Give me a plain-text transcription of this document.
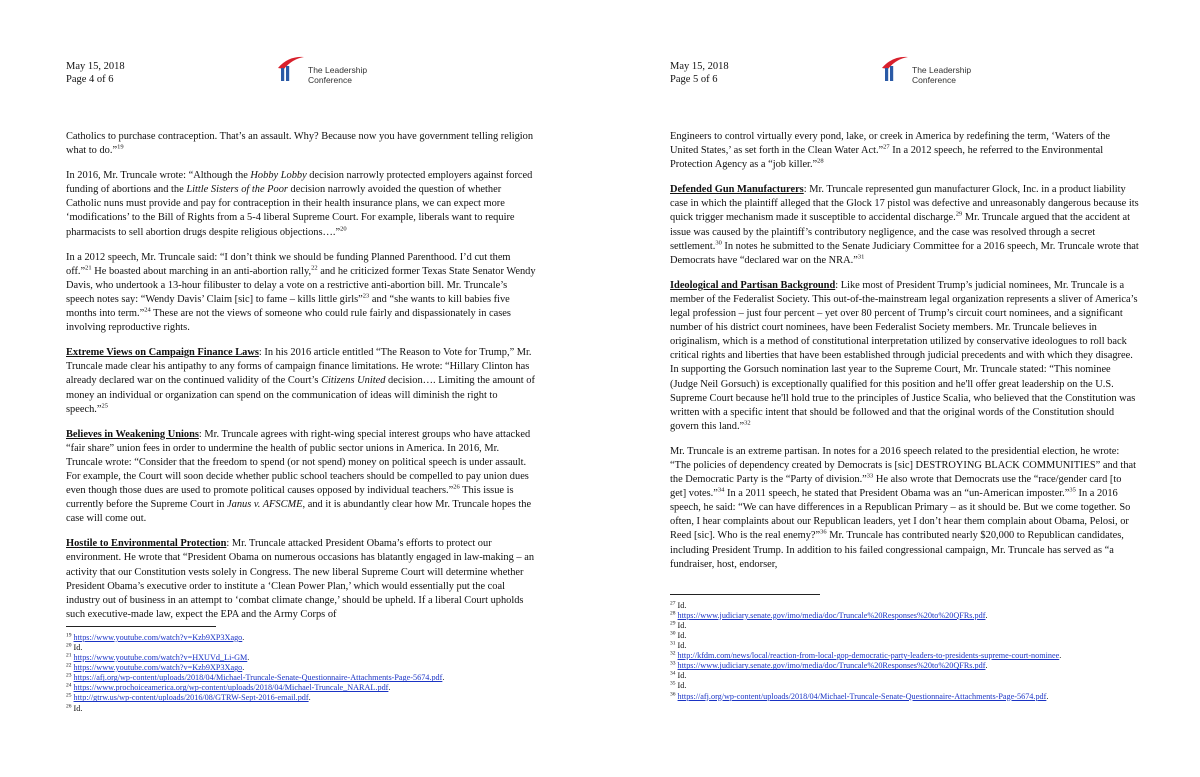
May 15, 2018
Page 4 of 6
The Leadership
Conference

Catholics to purchase contraception. That’s an assault. Why? Because now you have government telling religion what to do.”$^{19}$

In 2016, Mr. Truncale wrote: “Although the Hobby Lobby decision narrowly protected employers against forced funding of abortions and the Little Sisters of the Poor decision narrowly avoided the question of whether Catholic nuns must provide and pay for contraception in their health insurance plans, we can expect more ‘modifications’ to the Bill of Rights from a 5-4 liberal Supreme Court. For example, liberals want to require pharmacists to sell abortion drugs despite religious objections….”$^{20}$

In a 2012 speech, Mr. Truncale said: “I don’t think we should be funding Planned Parenthood. I’d cut them off.”$^{21}$ He boasted about marching in an anti-abortion rally,$^{22}$ and he criticized former Texas State Senator Wendy Davis, who undertook a 13-hour filibuster to delay a vote on a restrictive anti-abortion bill. Mr. Truncale’s speech notes say: “Wendy Davis’ Claim [sic] to fame – kills little girls”$^{23}$ and “she wants to kill babies five months into term.”$^{24}$ These are not the views of someone who could rule fairly and dispassionately in cases involving reproductive rights.

Extreme Views on Campaign Finance Laws: In his 2016 article entitled “The Reason to Vote for Trump,” Mr. Truncale made clear his antipathy to any forms of campaign finance limitations. He wrote: “Hillary Clinton has already declared war on the continued validity of the Court’s Citizens United decision…. Limiting the amount of money an individual or organization can spend on the communication of ideas will diminish the right to speech.”$^{25}$

Believes in Weakening Unions: Mr. Truncale agrees with right-wing special interest groups who have attacked “fair share” union fees in order to undermine the health of public sector unions in America. In 2016, Mr. Truncale wrote: “Consider that the freedom to spend (or not spend) money on political speech is under assault. For example, the Court will soon decide whether public school teachers should be compelled to pay union dues even though those dues are used to promote political causes opposed by individual teachers.”$^{26}$ This issue is currently before the Supreme Court in Janus v. AFSCME, and it is abundantly clear how Mr. Truncale hopes the case will come out.

Hostile to Environmental Protection: Mr. Truncale attacked President Obama’s efforts to protect our environment. He wrote that “President Obama on numerous occasions has blatantly engaged in law-making – an activity that our Constitution vests solely in Congress. The new liberal Supreme Court will determine whether President Obama’s executive order to institute a ‘Clean Power Plan,’ which would essentially put the coal industry out of business in an attempt to ‘combat climate change,’ should be upheld. If a liberal Court upholds such executive-made law, expect the EPA and the Army Corps of

$^{19}$ https://www.youtube.com/watch?v=Kzb9XP3Xago.
$^{20}$ Id.
$^{21}$ https://www.youtube.com/watch?v=HXUVd_Li-GM.
$^{22}$ https://www.youtube.com/watch?v=Kzb9XP3Xago.
$^{23}$ https://afj.org/wp-content/uploads/2018/04/Michael-Truncale-Senate-Questionnaire-Attachments-Page-5674.pdf.
$^{24}$ https://www.prochoiceamerica.org/wp-content/uploads/2018/04/Michael-Truncale_NARAL.pdf.
$^{25}$ http://gtrw.us/wp-content/uploads/2016/08/GTRW-Sept-2016-email.pdf.
$^{26}$ Id.
May 15, 2018
Page 5 of 6
The Leadership
Conference

Engineers to control virtually every pond, lake, or creek in America by redefining the term, ‘Waters of the United States,’ as set forth in the Clean Water Act.”$^{27}$ In a 2012 speech, he referred to the Environmental Protection Agency as a “job killer.”$^{28}$

Defended Gun Manufacturers: Mr. Truncale represented gun manufacturer Glock, Inc. in a product liability case in which the plaintiff alleged that the Glock 17 pistol was defective and unreasonably dangerous because its quick trigger mechanism made it susceptible to accidental discharge.$^{29}$ Mr. Truncale argued that the accident at issue was caused by the plaintiff’s contributory negligence, and the case was resolved through a secret settlement.$^{30}$ In notes he submitted to the Senate Judiciary Committee for a 2016 speech, Mr. Truncale wrote that Democrats have “declared war on the NRA.”$^{31}$

Ideological and Partisan Background: Like most of President Trump’s judicial nominees, Mr. Truncale is a member of the Federalist Society. This out-of-the-mainstream legal organization represents a sliver of America’s legal profession – just four percent – yet over 80 percent of Trump’s circuit court nominees, and a significant number of his district court nominees, have been Federalist Society members. Mr. Truncale believes in originalism, which is a method of constitutional interpretation utilized by conservative ideologues to roll back critical rights and liberties that have been established through judicial precedents and with which they disagree. In supporting the Gorsuch nomination last year to the Supreme Court, Mr. Truncale stated: “This nominee (Judge Neil Gorsuch) is exceptionally qualified for this position and he'll offer great leadership on the U.S. Supreme Court because he'll hold true to the principles of Justice Scalia, who believed that the Constitution was written with a specific intent that should be followed and that the original words of the Constitution should govern this land.”$^{32}$

Mr. Truncale is an extreme partisan. In notes for a 2016 speech related to the presidential election, he wrote: “The policies of dependency created by Democrats is [sic] DESTROYING BLACK COMMUNITIES” and that the Democratic Party is the “Party of division.”$^{33}$ He also wrote that Democrats use the “race/gender card [to get] votes.”$^{34}$ In a 2011 speech, he stated that President Obama was an “un-American imposter.”$^{35}$ In a 2016 speech, he said: “We can have differences in a Republican Primary – as it should be. But we come together. So often, I hear complaints about our Republican leaders, yet I don’t hear them complain about Obama, Pelosi, or Reed [sic]. Who is the real enemy?”$^{36}$ Mr. Truncale has contributed nearly $20,000 to Republican candidates, including President Trump. In addition to his failed congressional campaign, Mr. Truncale has served as “a fundraiser, host, endorser,

$^{27}$ Id.
$^{28}$ https://www.judiciary.senate.gov/imo/media/doc/Truncale%20Responses%20to%20QFRs.pdf.
$^{29}$ Id.
$^{30}$ Id.
$^{31}$ Id.
$^{32}$ http://kfdm.com/news/local/reaction-from-local-gop-democratic-party-leaders-to-presidents-supreme-court-nominee.
$^{33}$ https://www.judiciary.senate.gov/imo/media/doc/Truncale%20Responses%20to%20QFRs.pdf.
$^{34}$ Id.
$^{35}$ Id.
$^{36}$ https://afj.org/wp-content/uploads/2018/04/Michael-Truncale-Senate-Questionnaire-Attachments-Page-5674.pdf.
